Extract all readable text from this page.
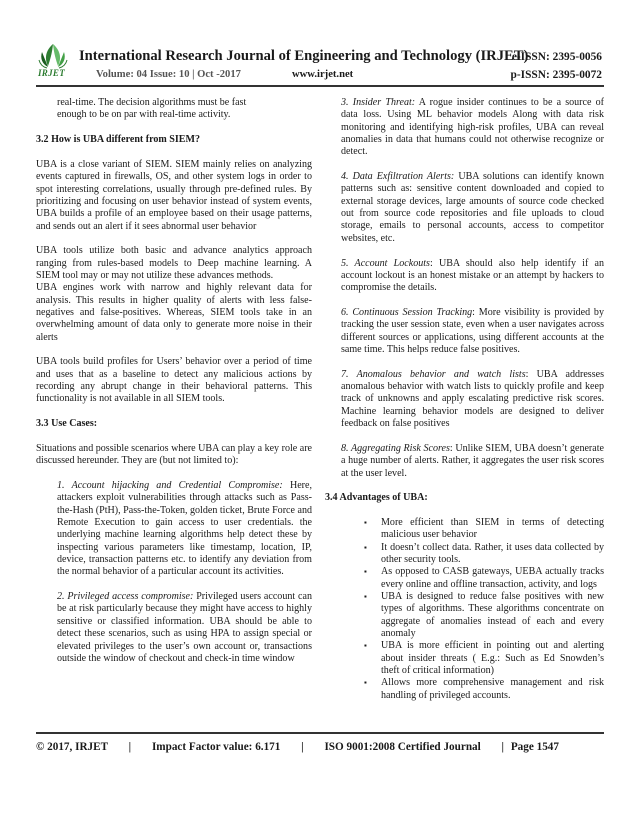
IRJET
International Research Journal of Engineering and Technology (IRJET)
e-ISSN: 2395-0056
Volume: 04 Issue: 10 | Oct -2017	www.irjet.net	p-ISSN: 2395-0072

real-time. The decision algorithms must be fast
enough to be on par with real-time activity.

3.2 How is UBA different from SIEM?

UBA is a close variant of SIEM. SIEM mainly relies on analyzing events captured in firewalls, OS, and other system logs in order to spot interesting correlations, usually through pre-defined rules. By prioritizing and focusing on user behavior instead of system events, UBA builds a profile of an employee based on their usage patterns, and sends out an alert if it sees abnormal user behavior

UBA tools utilize both basic and advance analytics approach ranging from rules-based models to Deep machine learning. A SIEM tool may or may not utilize these advances methods.

UBA engines work with narrow and highly relevant data for analysis. This results in higher quality of alerts with less false-negatives and false-positives. Whereas, SIEM tools take in an overwhelming amount of data only to generate more noise in their alerts

UBA tools build profiles for Users’ behavior over a period of time and uses that as a baseline to detect any malicious actions by recording any abrupt change in their behavioral patterns. This functionality is not available in all SIEM tools.

3.3 Use Cases:

Situations and possible scenarios where UBA can play a key role are discussed hereunder. They are (but not limited to):

1. Account hijacking and Credential Compromise: Here, attackers exploit vulnerabilities through attacks such as Pass-the-Hash (PtH), Pass-the-Token, golden ticket, Brute Force and Remote Execution to gain access to user credentials. the underlying machine learning algorithms help detect these by inspecting various parameters like timestamp, location, IP, device, transaction patterns etc. to identify any deviation from the normal behavior of a particular account its activities.

2. Privileged access compromise: Privileged users account can be at risk particularly because they might have access to highly sensitive or classified information. UBA should be able to detect these scenarios, such as using HPA to assign special or elevated privileges to the user’s own account or, transactions outside the window of checkout and check-in time window

3. Insider Threat: A rogue insider continues to be a source of data loss. Using ML behavior models Along with data risk monitoring and identifying high-risk profiles, UBA can reveal anomalies in data that humans could not otherwise recognize or detect.

4. Data Exfiltration Alerts: UBA solutions can identify known patterns such as: sensitive content downloaded and copied to external storage devices, large amounts of source code checked out from source code repositories and file uploads to cloud storage, emails to personal accounts, access to competitor websites, etc.

5. Account Lockouts: UBA should also help identify if an account lockout is an honest mistake or an attempt by hackers to compromise the details.

6. Continuous Session Tracking: More visibility is provided by tracking the user session state, even when a user navigates across different sources or applications, using different accounts at the same time. This helps reduce false positives.

7. Anomalous behavior and watch lists: UBA addresses anomalous behavior with watch lists to quickly profile and keep track of unknowns and apply escalating predictive risk scores. Machine learning behavior models are designed to deliver feedback on false positives

8. Aggregating Risk Scores: Unlike SIEM, UBA doesn’t generate a huge number of alerts. Rather, it aggregates the user risk scores at the user level.

3.4 Advantages of UBA:

▪ More efficient than SIEM in terms of detecting malicious user behavior
▪ It doesn’t collect data. Rather, it uses data collected by other security tools.
▪ As opposed to CASB gateways, UEBA actually tracks every online and offline transaction, activity, and logs
▪ UBA is designed to reduce false positives with new types of algorithms. These algorithms concentrate on aggregate of anomalies instead of each and every anomaly
▪ UBA is more efficient in pointing out and alerting about insider threats ( E.g.: Such as Ed Snowden’s theft of critical information)
▪ Allows more comprehensive management and risk handling of privileged accounts.
© 2017, IRJET | Impact Factor value: 6.171 | ISO 9001:2008 Certified Journal | Page 1547
